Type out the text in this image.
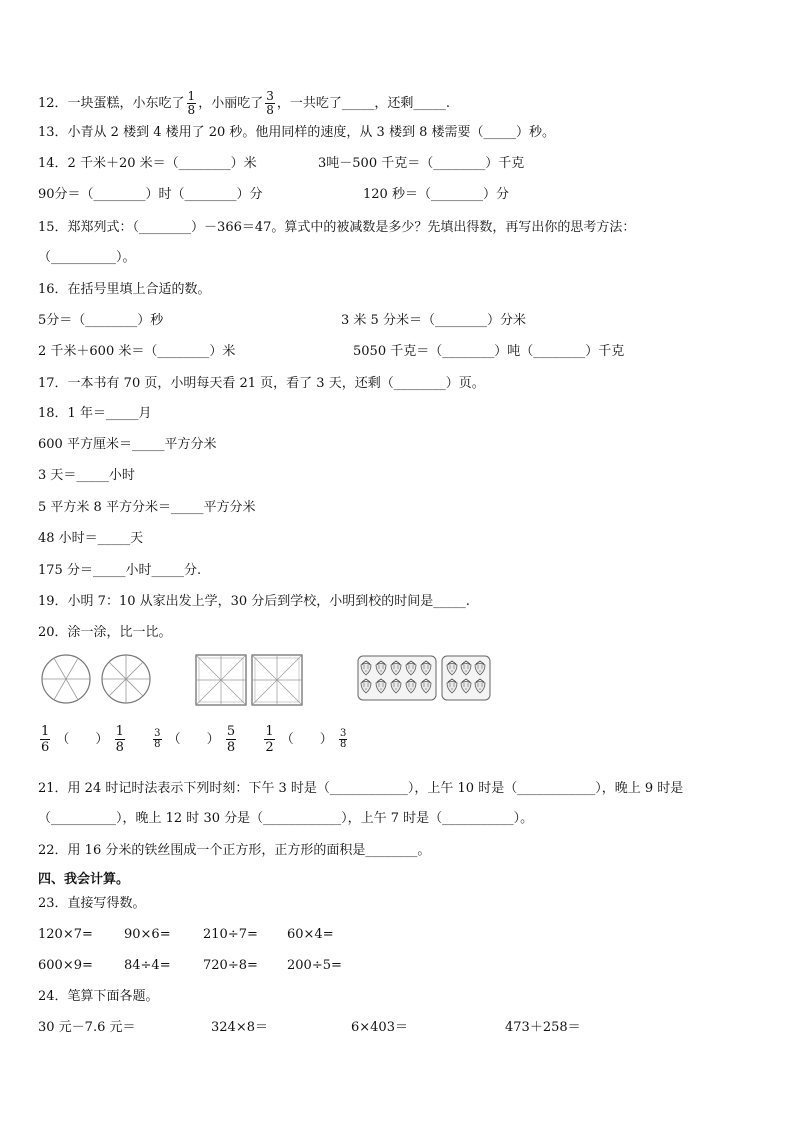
12．一块蛋糕，小东吃了 $\frac{1}{8}$ ，小丽吃了 $\frac{3}{8}$ ，一共吃了_____，还剩_____.
13．小青从 2 楼到 4 楼用了 20 秒。他用同样的速度，从 3 楼到 8 楼需要（_____）秒。
14．2 千米＋20 米＝（________）米	3吨－500 千克＝（________）千克
90分＝（________）时（________）分	120 秒＝（________）分
15．郑郑列式：（________）－366＝47。算式中的被减数是多少？先填出得数，再写出你的思考方法：
（__________）。
16．在括号里填上合适的数。
5分＝（________）秒	3 米 5 分米＝（________）分米
2 千米＋600 米＝（________）米	5050 千克＝（________）吨（________）千克
17．一本书有 70 页，小明每天看 21 页，看了 3 天，还剩（________）页。
18．1 年＝_____月
600 平方厘米＝_____平方分米
3 天＝_____小时
5 平方米 8 平方分米＝_____平方分米
48 小时＝_____天
175 分＝_____小时_____分.
19．小明 7：10 从家出发上学，30 分后到学校，小明到校的时间是_____.
20．涂一涂，比一比。
$\frac{1}{6}$ （　　） $\frac{1}{8}$
	$\frac{3}{8}$ （　　） $\frac{5}{8}$
$\frac{1}{2}$ （　　） $\frac{3}{8}$
21．用 24 时记时法表示下列时刻：下午 3 时是（____________），上午 10 时是（____________），晚上 9 时是
（__________），晚上 12 时 30 分是（____________），上午 7 时是（___________）。
22．用 16 分米的铁丝围成一个正方形，正方形的面积是________。
四、我会计算。
23．直接写得数。
120×7= 90×6= 210÷7= 60×4=
600×9= 84÷4= 720÷8= 200÷5=
24．笔算下面各题。
30 元－7.6 元＝	324×8＝	6×403＝	473＋258＝
